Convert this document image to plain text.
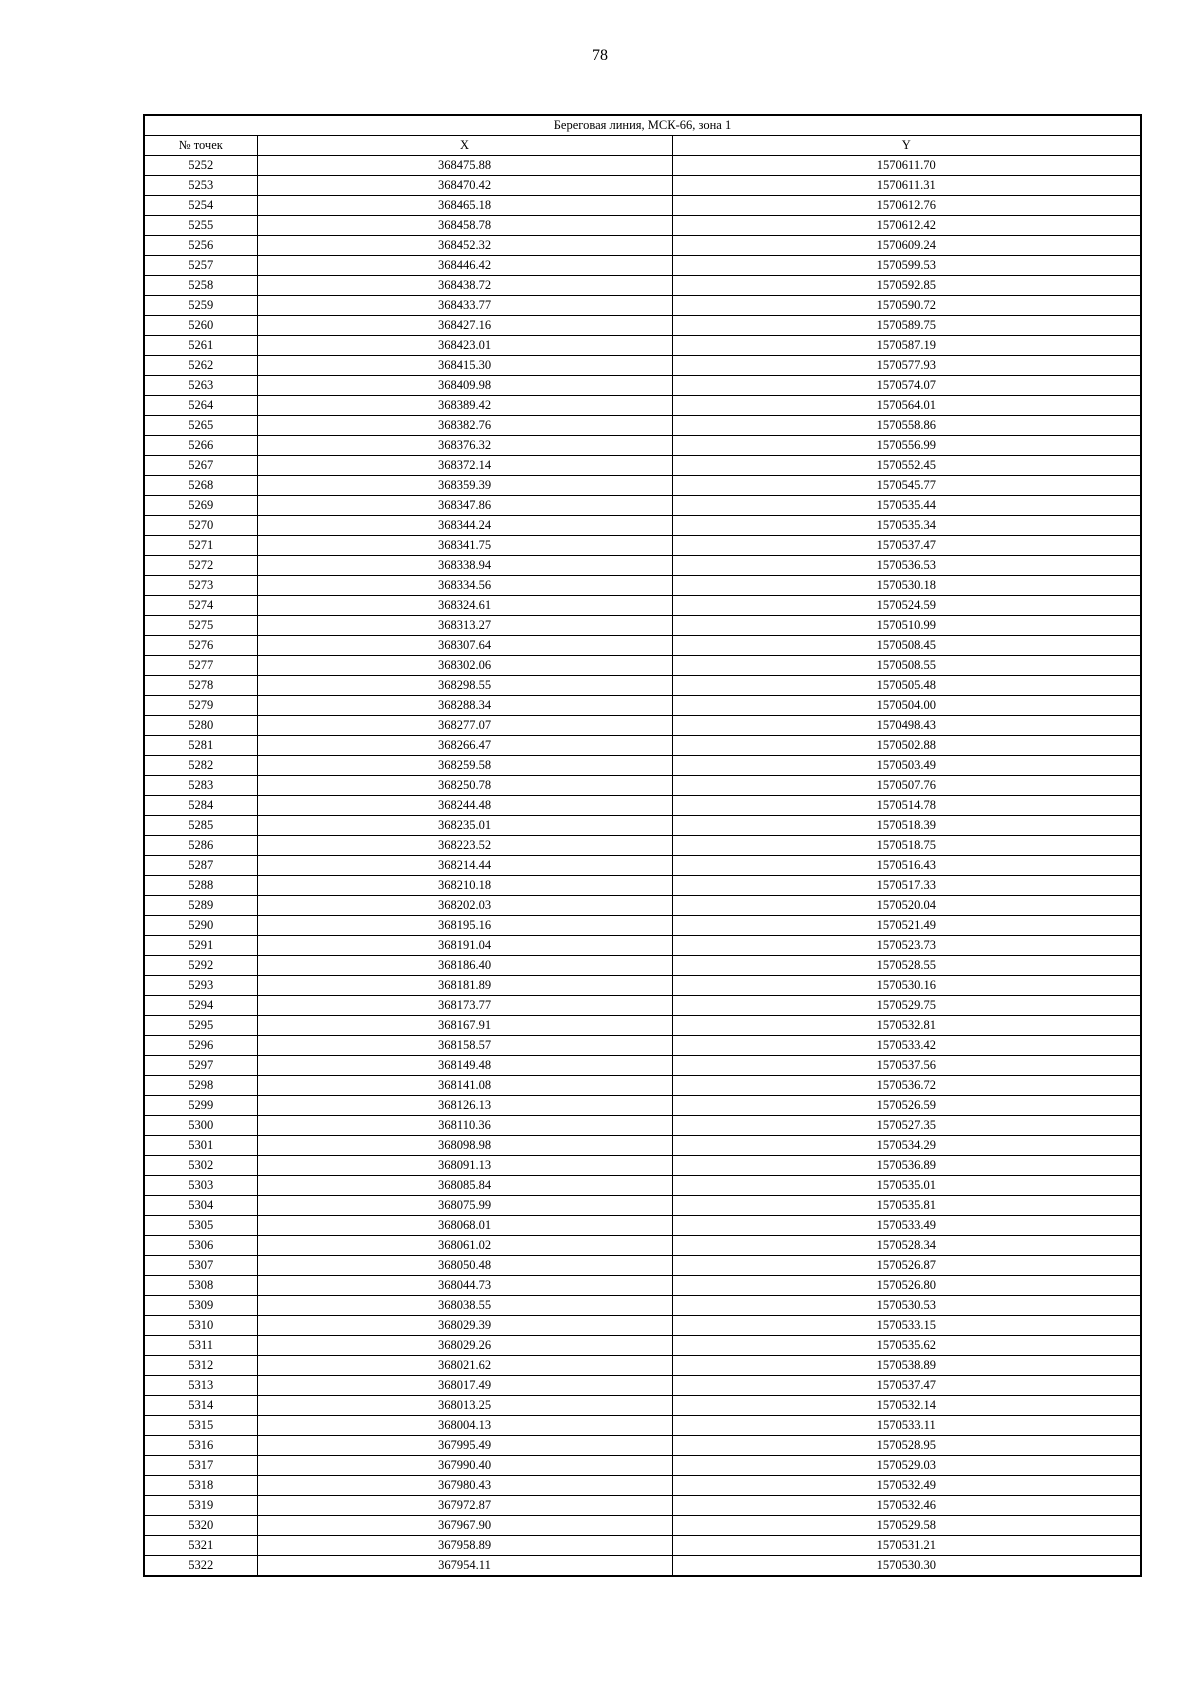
78
Береговая линия, МСК-66, зона 1		
№ точек	X	Y
5252	368475.88	1570611.70
5253	368470.42	1570611.31
5254	368465.18	1570612.76
5255	368458.78	1570612.42
5256	368452.32	1570609.24
5257	368446.42	1570599.53
5258	368438.72	1570592.85
5259	368433.77	1570590.72
5260	368427.16	1570589.75
5261	368423.01	1570587.19
5262	368415.30	1570577.93
5263	368409.98	1570574.07
5264	368389.42	1570564.01
5265	368382.76	1570558.86
5266	368376.32	1570556.99
5267	368372.14	1570552.45
5268	368359.39	1570545.77
5269	368347.86	1570535.44
5270	368344.24	1570535.34
5271	368341.75	1570537.47
5272	368338.94	1570536.53
5273	368334.56	1570530.18
5274	368324.61	1570524.59
5275	368313.27	1570510.99
5276	368307.64	1570508.45
5277	368302.06	1570508.55
5278	368298.55	1570505.48
5279	368288.34	1570504.00
5280	368277.07	1570498.43
5281	368266.47	1570502.88
5282	368259.58	1570503.49
5283	368250.78	1570507.76
5284	368244.48	1570514.78
5285	368235.01	1570518.39
5286	368223.52	1570518.75
5287	368214.44	1570516.43
5288	368210.18	1570517.33
5289	368202.03	1570520.04
5290	368195.16	1570521.49
5291	368191.04	1570523.73
5292	368186.40	1570528.55
5293	368181.89	1570530.16
5294	368173.77	1570529.75
5295	368167.91	1570532.81
5296	368158.57	1570533.42
5297	368149.48	1570537.56
5298	368141.08	1570536.72
5299	368126.13	1570526.59
5300	368110.36	1570527.35
5301	368098.98	1570534.29
5302	368091.13	1570536.89
5303	368085.84	1570535.01
5304	368075.99	1570535.81
5305	368068.01	1570533.49
5306	368061.02	1570528.34
5307	368050.48	1570526.87
5308	368044.73	1570526.80
5309	368038.55	1570530.53
5310	368029.39	1570533.15
5311	368029.26	1570535.62
5312	368021.62	1570538.89
5313	368017.49	1570537.47
5314	368013.25	1570532.14
5315	368004.13	1570533.11
5316	367995.49	1570528.95
5317	367990.40	1570529.03
5318	367980.43	1570532.49
5319	367972.87	1570532.46
5320	367967.90	1570529.58
5321	367958.89	1570531.21
5322	367954.11	1570530.30
